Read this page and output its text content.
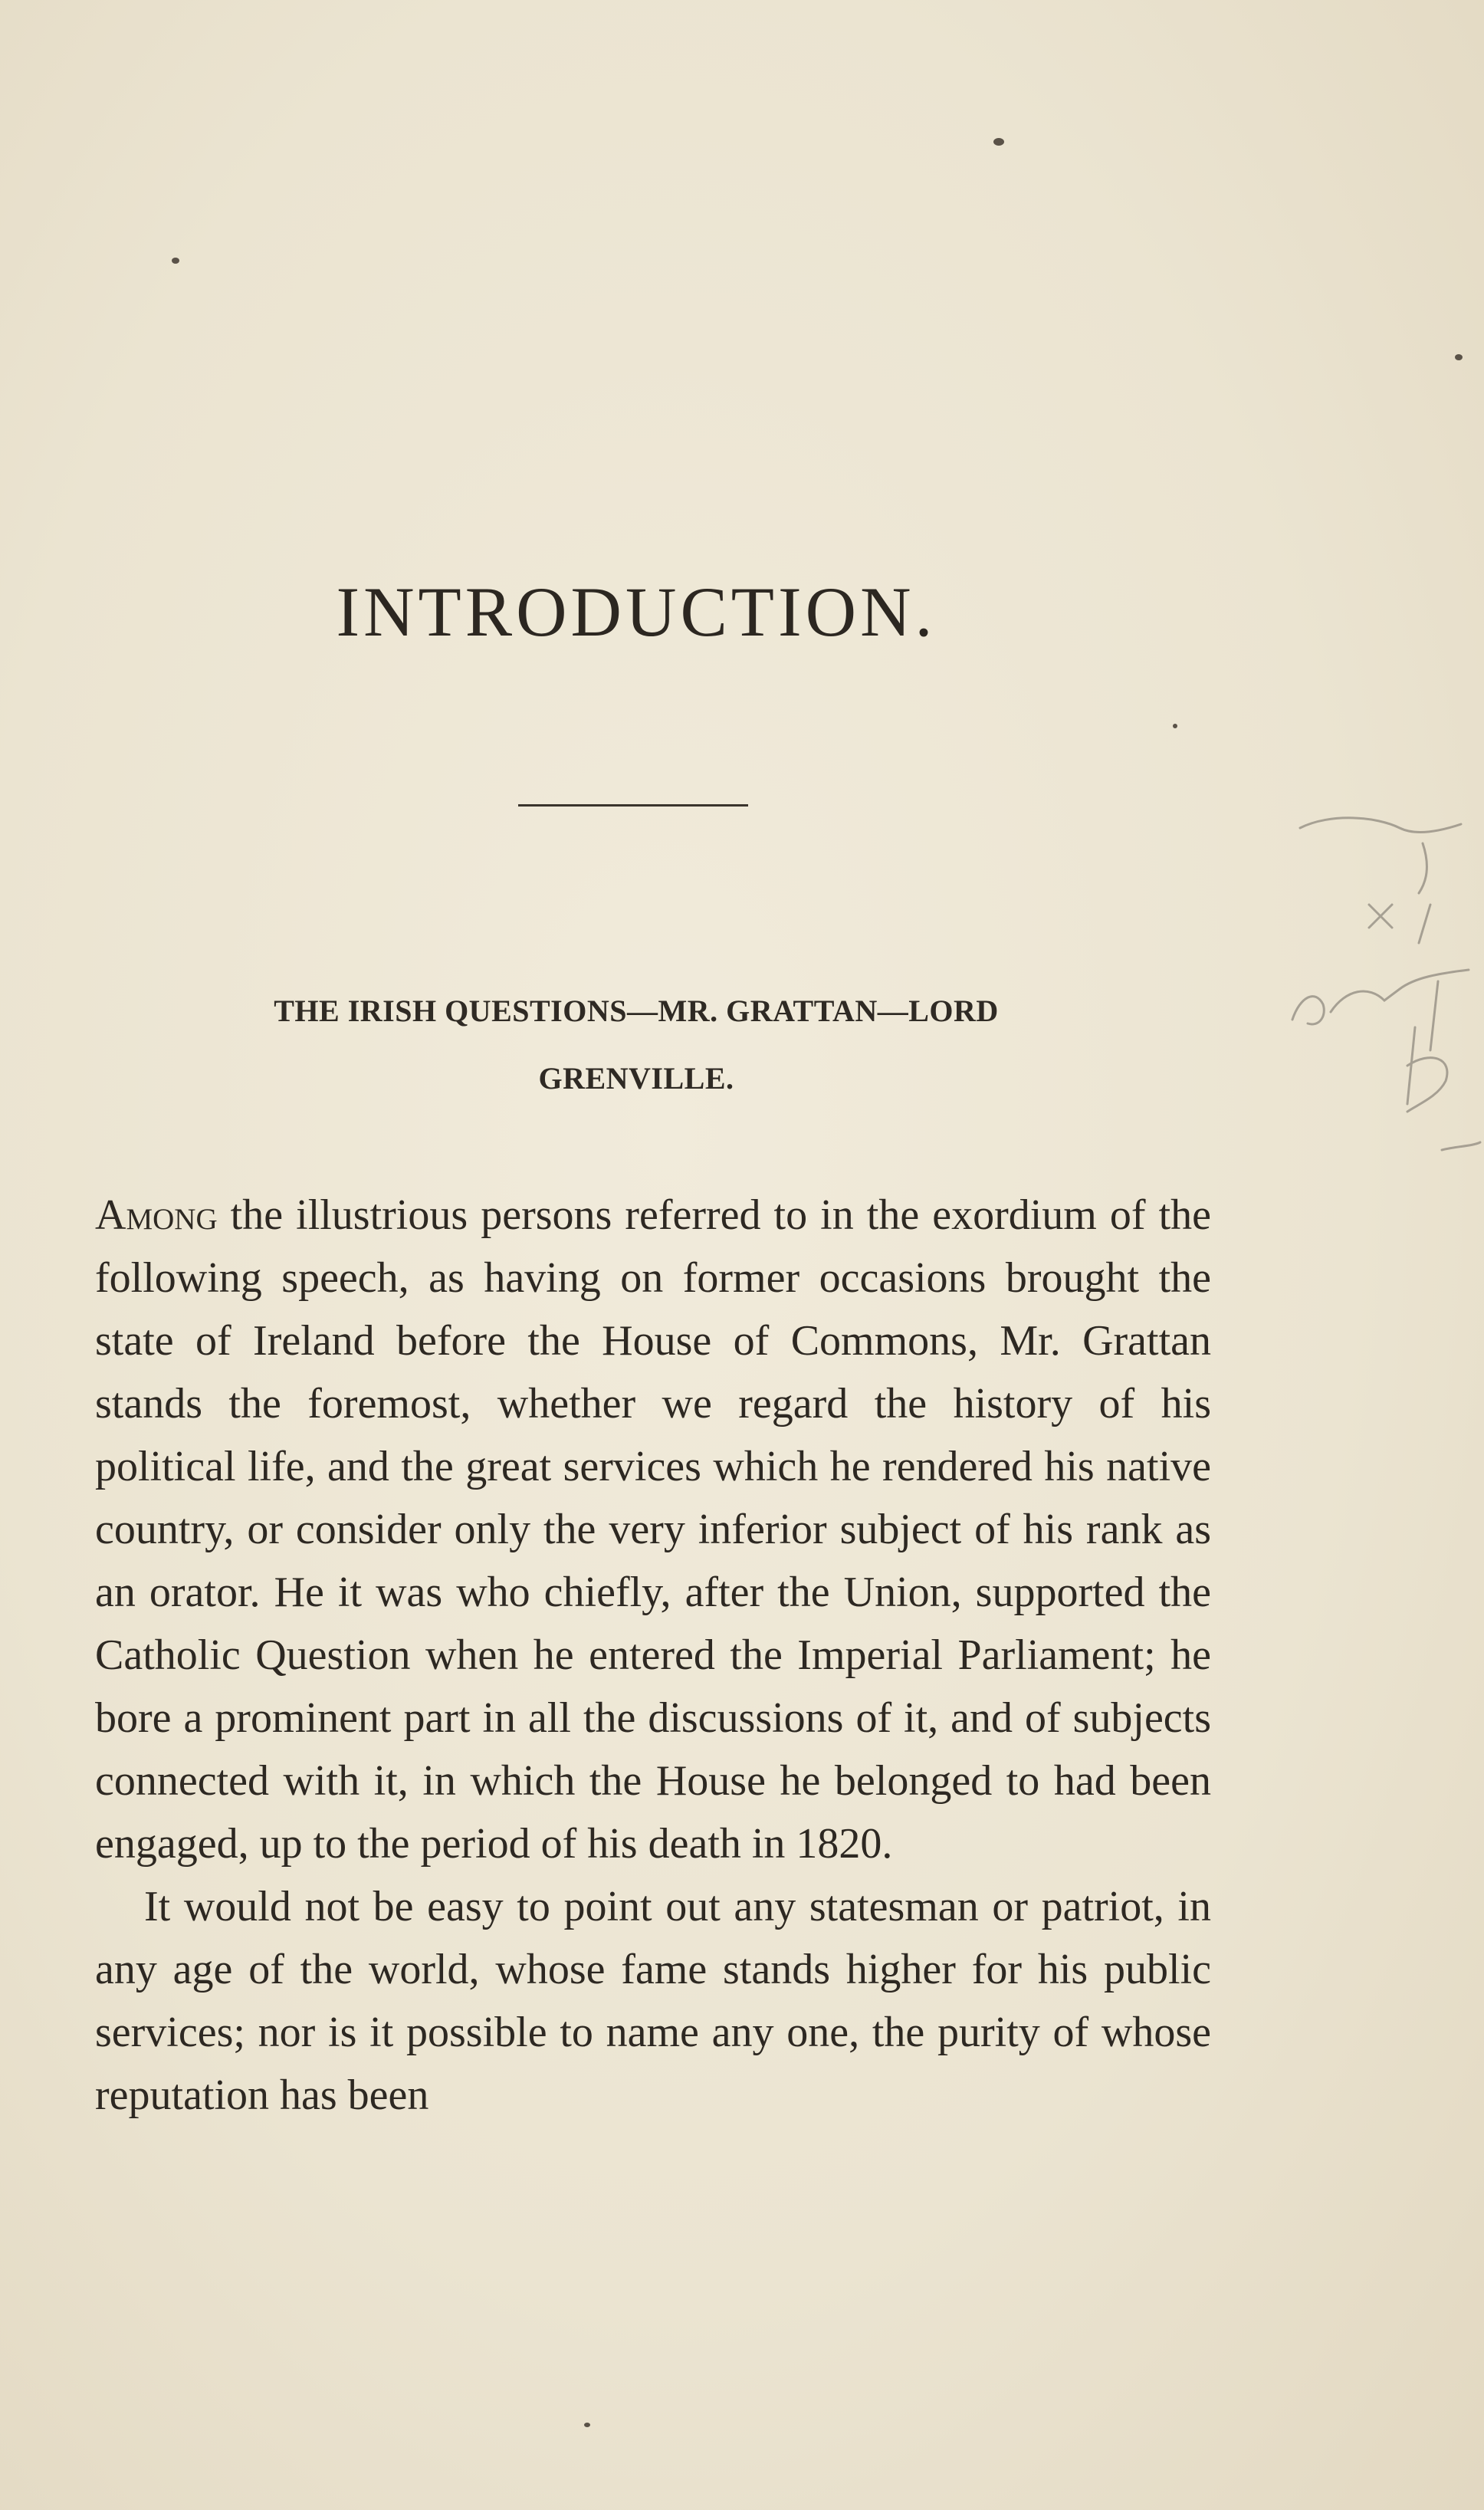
INTRODUCTION.
THE IRISH QUESTIONS—MR. GRATTAN—LORD
GRENVILLE.

Among the illustrious persons referred to in the exordium of the following speech, as having on former occasions brought the state of Ireland before the House of Commons, Mr. Grattan stands the foremost, whether we regard the history of his political life, and the great services which he rendered his native country, or consider only the very inferior subject of his rank as an orator. He it was who chiefly, after the Union, supported the Catholic Question when he entered the Imperial Parliament; he bore a prominent part in all the discussions of it, and of subjects connected with it, in which the House he belonged to had been engaged, up to the period of his death in 1820.

It would not be easy to point out any statesman or patriot, in any age of the world, whose fame stands higher for his public services; nor is it possible to name any one, the purity of whose reputation has been
